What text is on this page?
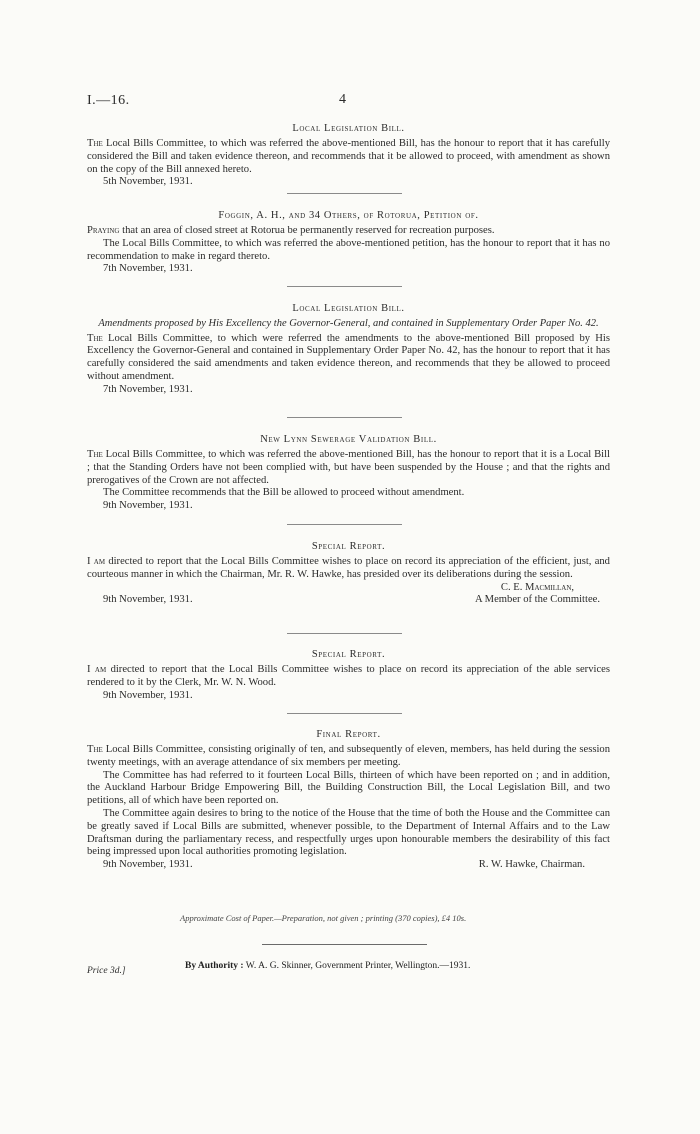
I.—16.	4
Local Legislation Bill.

The Local Bills Committee, to which was referred the above-mentioned Bill, has the honour to report that it has carefully considered the Bill and taken evidence thereon, and recommends that it be allowed to proceed, with amendment as shown on the copy of the Bill annexed hereto.

5th November, 1931.
Foggin, A. H., and 34 Others, of Rotorua, Petition of.

Praying that an area of closed street at Rotorua be permanently reserved for recreation purposes.

The Local Bills Committee, to which was referred the above-mentioned petition, has the honour to report that it has no recommendation to make in regard thereto.

7th November, 1931.
Local Legislation Bill.
Amendments proposed by His Excellency the Governor-General, and contained in Supplementary Order Paper No. 42.

The Local Bills Committee, to which were referred the amendments to the above-mentioned Bill proposed by His Excellency the Governor-General and contained in Supplementary Order Paper No. 42, has the honour to report that it has carefully considered the said amendments and taken evidence thereon, and recommends that they be allowed to proceed without amendment.

7th November, 1931.
New Lynn Sewerage Validation Bill.

The Local Bills Committee, to which was referred the above-mentioned Bill, has the honour to report that it is a Local Bill ; that the Standing Orders have not been complied with, but have been suspended by the House ; and that the rights and prerogatives of the Crown are not affected.

The Committee recommends that the Bill be allowed to proceed without amendment.

9th November, 1931.
Special Report.

I am directed to report that the Local Bills Committee wishes to place on record its appreciation of the efficient, just, and courteous manner in which the Chairman, Mr. R. W. Hawke, has presided over its deliberations during the session.

9th November, 1931.
C. E. Macmillan,
A Member of the Committee.
Special Report.

I am directed to report that the Local Bills Committee wishes to place on record its appreciation of the able services rendered to it by the Clerk, Mr. W. N. Wood.

9th November, 1931.
Final Report.

The Local Bills Committee, consisting originally of ten, and subsequently of eleven, members, has held during the session twenty meetings, with an average attendance of six members per meeting.

The Committee has had referred to it fourteen Local Bills, thirteen of which have been reported on ; and in addition, the Auckland Harbour Bridge Empowering Bill, the Building Construction Bill, the Local Legislation Bill, and two petitions, all of which have been reported on.

The Committee again desires to bring to the notice of the House that the time of both the House and the Committee can be greatly saved if Local Bills are submitted, whenever possible, to the Department of Internal Affairs and to the Law Draftsman during the parliamentary recess, and respectfully urges upon honourable members the desirability of this fact being impressed upon local authorities promoting legislation.

9th November, 1931.	R. W. Hawke, Chairman.
Approximate Cost of Paper.—Preparation, not given ; printing (370 copies), £4 10s.
Price 3d.]	By Authority : W. A. G. Skinner, Government Printer, Wellington.—1931.
